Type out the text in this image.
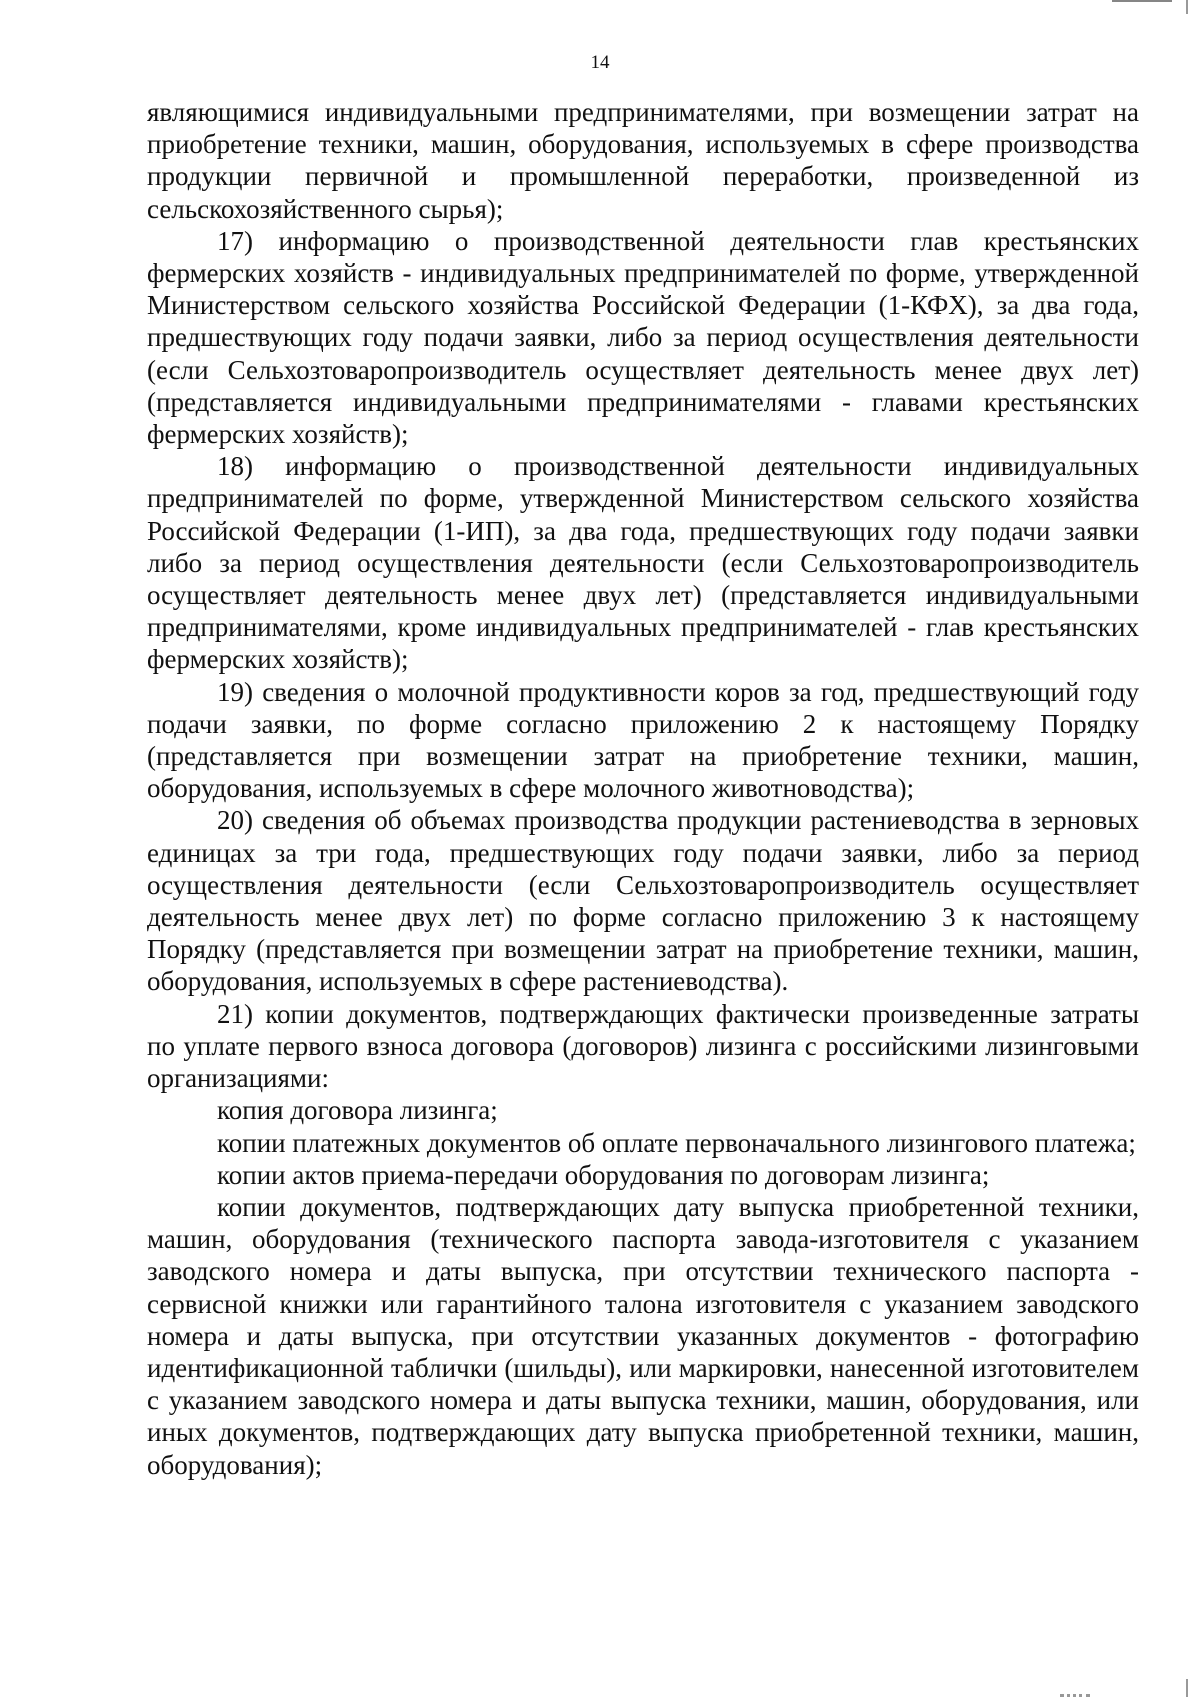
14

являющимися индивидуальными предпринимателями, при возмещении затрат на приобретение техники, машин, оборудования, используемых в сфере производства продукции первичной и промышленной переработки, произведенной из сельскохозяйственного сырья);

17) информацию о производственной деятельности глав крестьянских фермерских хозяйств - индивидуальных предпринимателей по форме, утвержденной Министерством сельского хозяйства Российской Федерации (1-КФХ), за два года, предшествующих году подачи заявки, либо за период осуществления деятельности (если Сельхозтоваропроизводитель осуществляет деятельность менее двух лет) (представляется индивидуальными предпринимателями - главами крестьянских фермерских хозяйств);

18) информацию о производственной деятельности индивидуальных предпринимателей по форме, утвержденной Министерством сельского хозяйства Российской Федерации (1-ИП), за два года, предшествующих году подачи заявки либо за период осуществления деятельности (если Сельхозтоваропроизводитель осуществляет деятельность менее двух лет) (представляется индивидуальными предпринимателями, кроме индивидуальных предпринимателей - глав крестьянских фермерских хозяйств);

19) сведения о молочной продуктивности коров за год, предшествующий году подачи заявки, по форме согласно приложению 2 к настоящему Порядку (представляется при возмещении затрат на приобретение техники, машин, оборудования, используемых в сфере молочного животноводства);

20) сведения об объемах производства продукции растениеводства в зерновых единицах за три года, предшествующих году подачи заявки, либо за период осуществления деятельности (если Сельхозтоваропроизводитель осуществляет деятельность менее двух лет) по форме согласно приложению 3 к настоящему Порядку (представляется при возмещении затрат на приобретение техники, машин, оборудования, используемых в сфере растениеводства).

21) копии документов, подтверждающих фактически произведенные затраты по уплате первого взноса договора (договоров) лизинга с российскими лизинговыми организациями:

копия договора лизинга;

копии платежных документов об оплате первоначального лизингового платежа;

копии актов приема-передачи оборудования по договорам лизинга;

копии документов, подтверждающих дату выпуска приобретенной техники, машин, оборудования (технического паспорта завода-изготовителя с указанием заводского номера и даты выпуска, при отсутствии технического паспорта - сервисной книжки или гарантийного талона изготовителя с указанием заводского номера и даты выпуска, при отсутствии указанных документов - фотографию идентификационной таблички (шильды), или маркировки, нанесенной изготовителем с указанием заводского номера и даты выпуска техники, машин, оборудования, или иных документов, подтверждающих дату выпуска приобретенной техники, машин, оборудования);
